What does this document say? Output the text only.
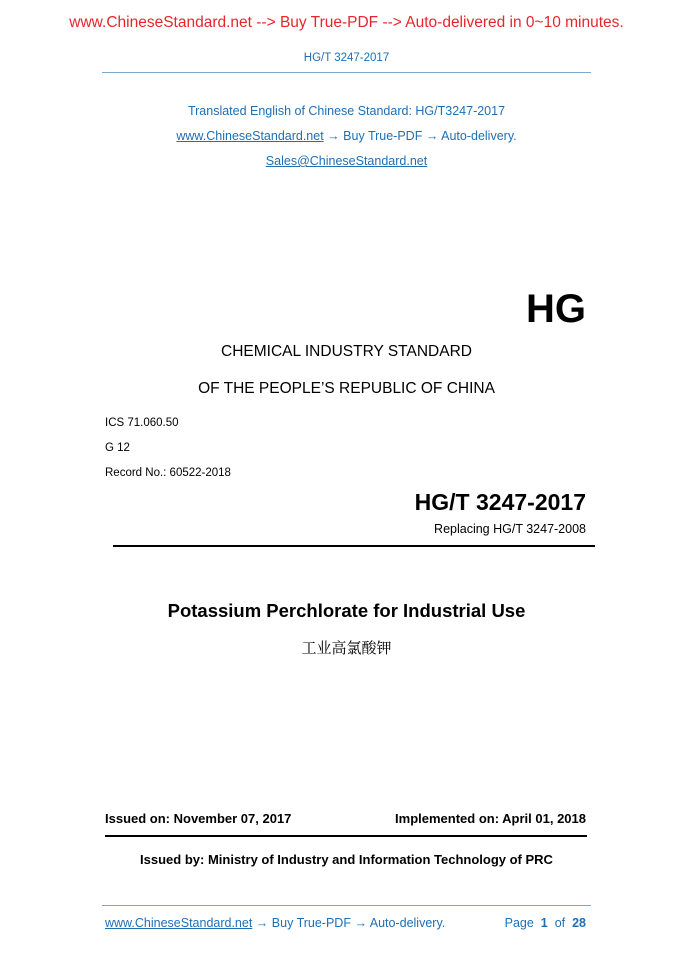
www.ChineseStandard.net --> Buy True-PDF --> Auto-delivered in 0~10 minutes.
HG/T 3247-2017
Translated English of Chinese Standard: HG/T3247-2017
www.ChineseStandard.net → Buy True-PDF → Auto-delivery.
Sales@ChineseStandard.net
HG
CHEMICAL INDUSTRY STANDARD
OF THE PEOPLE’S REPUBLIC OF CHINA
ICS 71.060.50
G 12
Record No.: 60522-2018
HG/T 3247-2017
Replacing HG/T 3247-2008
Potassium Perchlorate for Industrial Use
工业高氯酸钾
Issued on: November 07, 2017	Implemented on: April 01, 2018
Issued by: Ministry of Industry and Information Technology of PRC
www.ChineseStandard.net → Buy True-PDF → Auto-delivery.	Page 1 of 28
